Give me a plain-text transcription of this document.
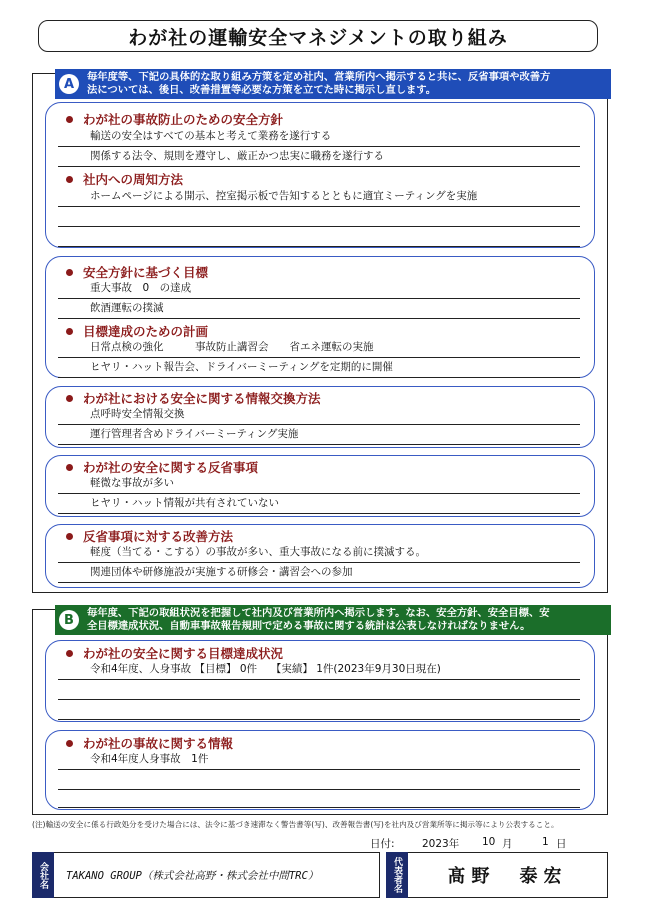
わが社の運輸安全マネジメントの取り組み
A	毎年度等、下記の具体的な取り組み方策を定め社内、営業所内へ掲示すると共に、反省事項や改善方
法については、後日、改善措置等必要な方策を立てた時に掲示し直します。
わが社の事故防止のための安全方針
輸送の安全はすべての基本と考えて業務を遂行する
関係する法令、規則を遵守し、厳正かつ忠実に職務を遂行する
社内への周知方法
ホームページによる開示、控室掲示板で告知するとともに適宜ミーティングを実施
安全方針に基づく目標
重大事故　0　の達成
飲酒運転の撲滅
目標達成のための計画
日常点検の強化　　　事故防止講習会　　省エネ運転の実施
ヒヤリ・ハット報告会、ドライバーミーティングを定期的に開催
わが社における安全に関する情報交換方法
点呼時安全情報交換
運行管理者含めドライバーミーティング実施
わが社の安全に関する反省事項
軽微な事故が多い
ヒヤリ・ハット情報が共有されていない
反省事項に対する改善方法
軽度（当てる・こする）の事故が多い、重大事故になる前に撲滅する。
関連団体や研修施設が実施する研修会・講習会への参加
B	毎年度、下記の取組状況を把握して社内及び営業所内へ掲示します。なお、安全方針、安全目標、安
全目標達成状況、自動車事故報告規則で定める事故に関する統計は公表しなければなりません。
わが社の安全に関する目標達成状況
令和4年度、人身事故 【目標】 0件　 【実績】 1件(2023年9月30日現在)
わが社の事故に関する情報
令和4年度人身事故　1件
(注)輸送の安全に係る行政処分を受けた場合には、法令に基づき速滞なく警告書等(写)、改善報告書(写)を社内及び営業所等に掲示等により公表すること。
日付:	2023年	10 月	1 日
会社名	TAKANO GROUP（株式会社高野・株式会社中間TRC）	代表者名	髙野　泰宏
